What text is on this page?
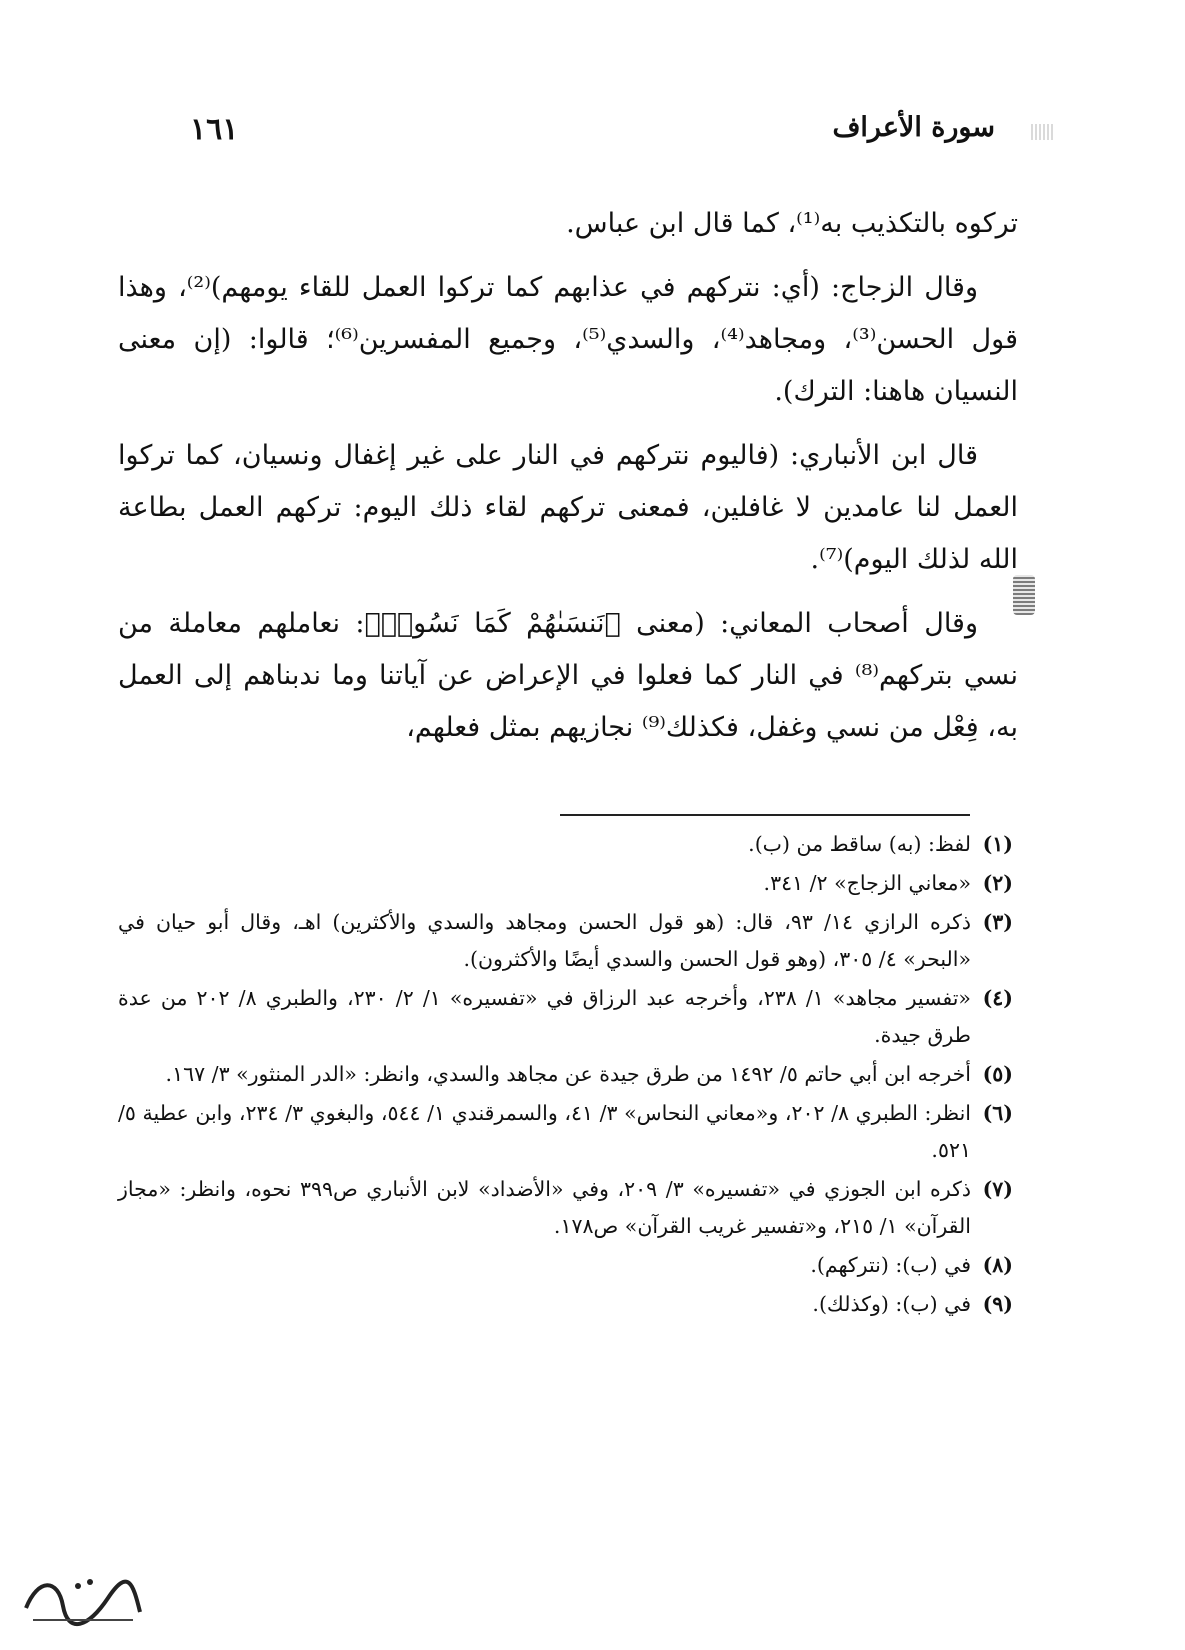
سورة الأعراف
١٦١

تركوه بالتكذيب به⁽¹⁾، كما قال ابن عباس.

وقال الزجاج: (أي: نتركهم في عذابهم كما تركوا العمل للقاء يومهم)⁽²⁾، وهذا قول الحسن⁽³⁾، ومجاهد⁽⁴⁾، والسدي⁽⁵⁾، وجميع المفسرين⁽⁶⁾؛ قالوا: (إن معنى النسيان هاهنا: الترك).

قال ابن الأنباري: (فاليوم نتركهم في النار على غير إغفال ونسيان، كما تركوا العمل لنا عامدين لا غافلين، فمعنى تركهم لقاء ذلك اليوم: تركهم العمل بطاعة الله لذلك اليوم)⁽⁷⁾.

وقال أصحاب المعاني: (معنى ﴿نَنسَىٰهُمْ كَمَا نَسُوا۟﴾: نعاملهم معاملة من نسي بتركهم⁽⁸⁾ في النار كما فعلوا في الإعراض عن آياتنا وما ندبناهم إلى العمل به، فِعْل من نسي وغفل، فكذلك⁽⁹⁾ نجازيهم بمثل فعلهم،

(١)
لفظ: (به) ساقط من (ب).
(٢)
«معاني الزجاج» ٢/ ٣٤١.
(٣)
ذكره الرازي ١٤/ ٩٣، قال: (هو قول الحسن ومجاهد والسدي والأكثرين) اهـ، وقال أبو حيان في «البحر» ٤/ ٣٠٥، (وهو قول الحسن والسدي أيضًا والأكثرون).
(٤)
«تفسير مجاهد» ١/ ٢٣٨، وأخرجه عبد الرزاق في «تفسيره» ١/ ٢/ ٢٣٠، والطبري ٨/ ٢٠٢ من عدة طرق جيدة.
(٥)
أخرجه ابن أبي حاتم ٥/ ١٤٩٢ من طرق جيدة عن مجاهد والسدي، وانظر: «الدر المنثور» ٣/ ١٦٧.
(٦)
انظر: الطبري ٨/ ٢٠٢، و«معاني النحاس» ٣/ ٤١، والسمرقندي ١/ ٥٤٤، والبغوي ٣/ ٢٣٤، وابن عطية ٥/ ٥٢١.
(٧)
ذكره ابن الجوزي في «تفسيره» ٣/ ٢٠٩، وفي «الأضداد» لابن الأنباري ص٣٩٩ نحوه، وانظر: «مجاز القرآن» ١/ ٢١٥، و«تفسير غريب القرآن» ص١٧٨.
(٨)
في (ب): (نتركهم).
(٩)
في (ب): (وكذلك).
